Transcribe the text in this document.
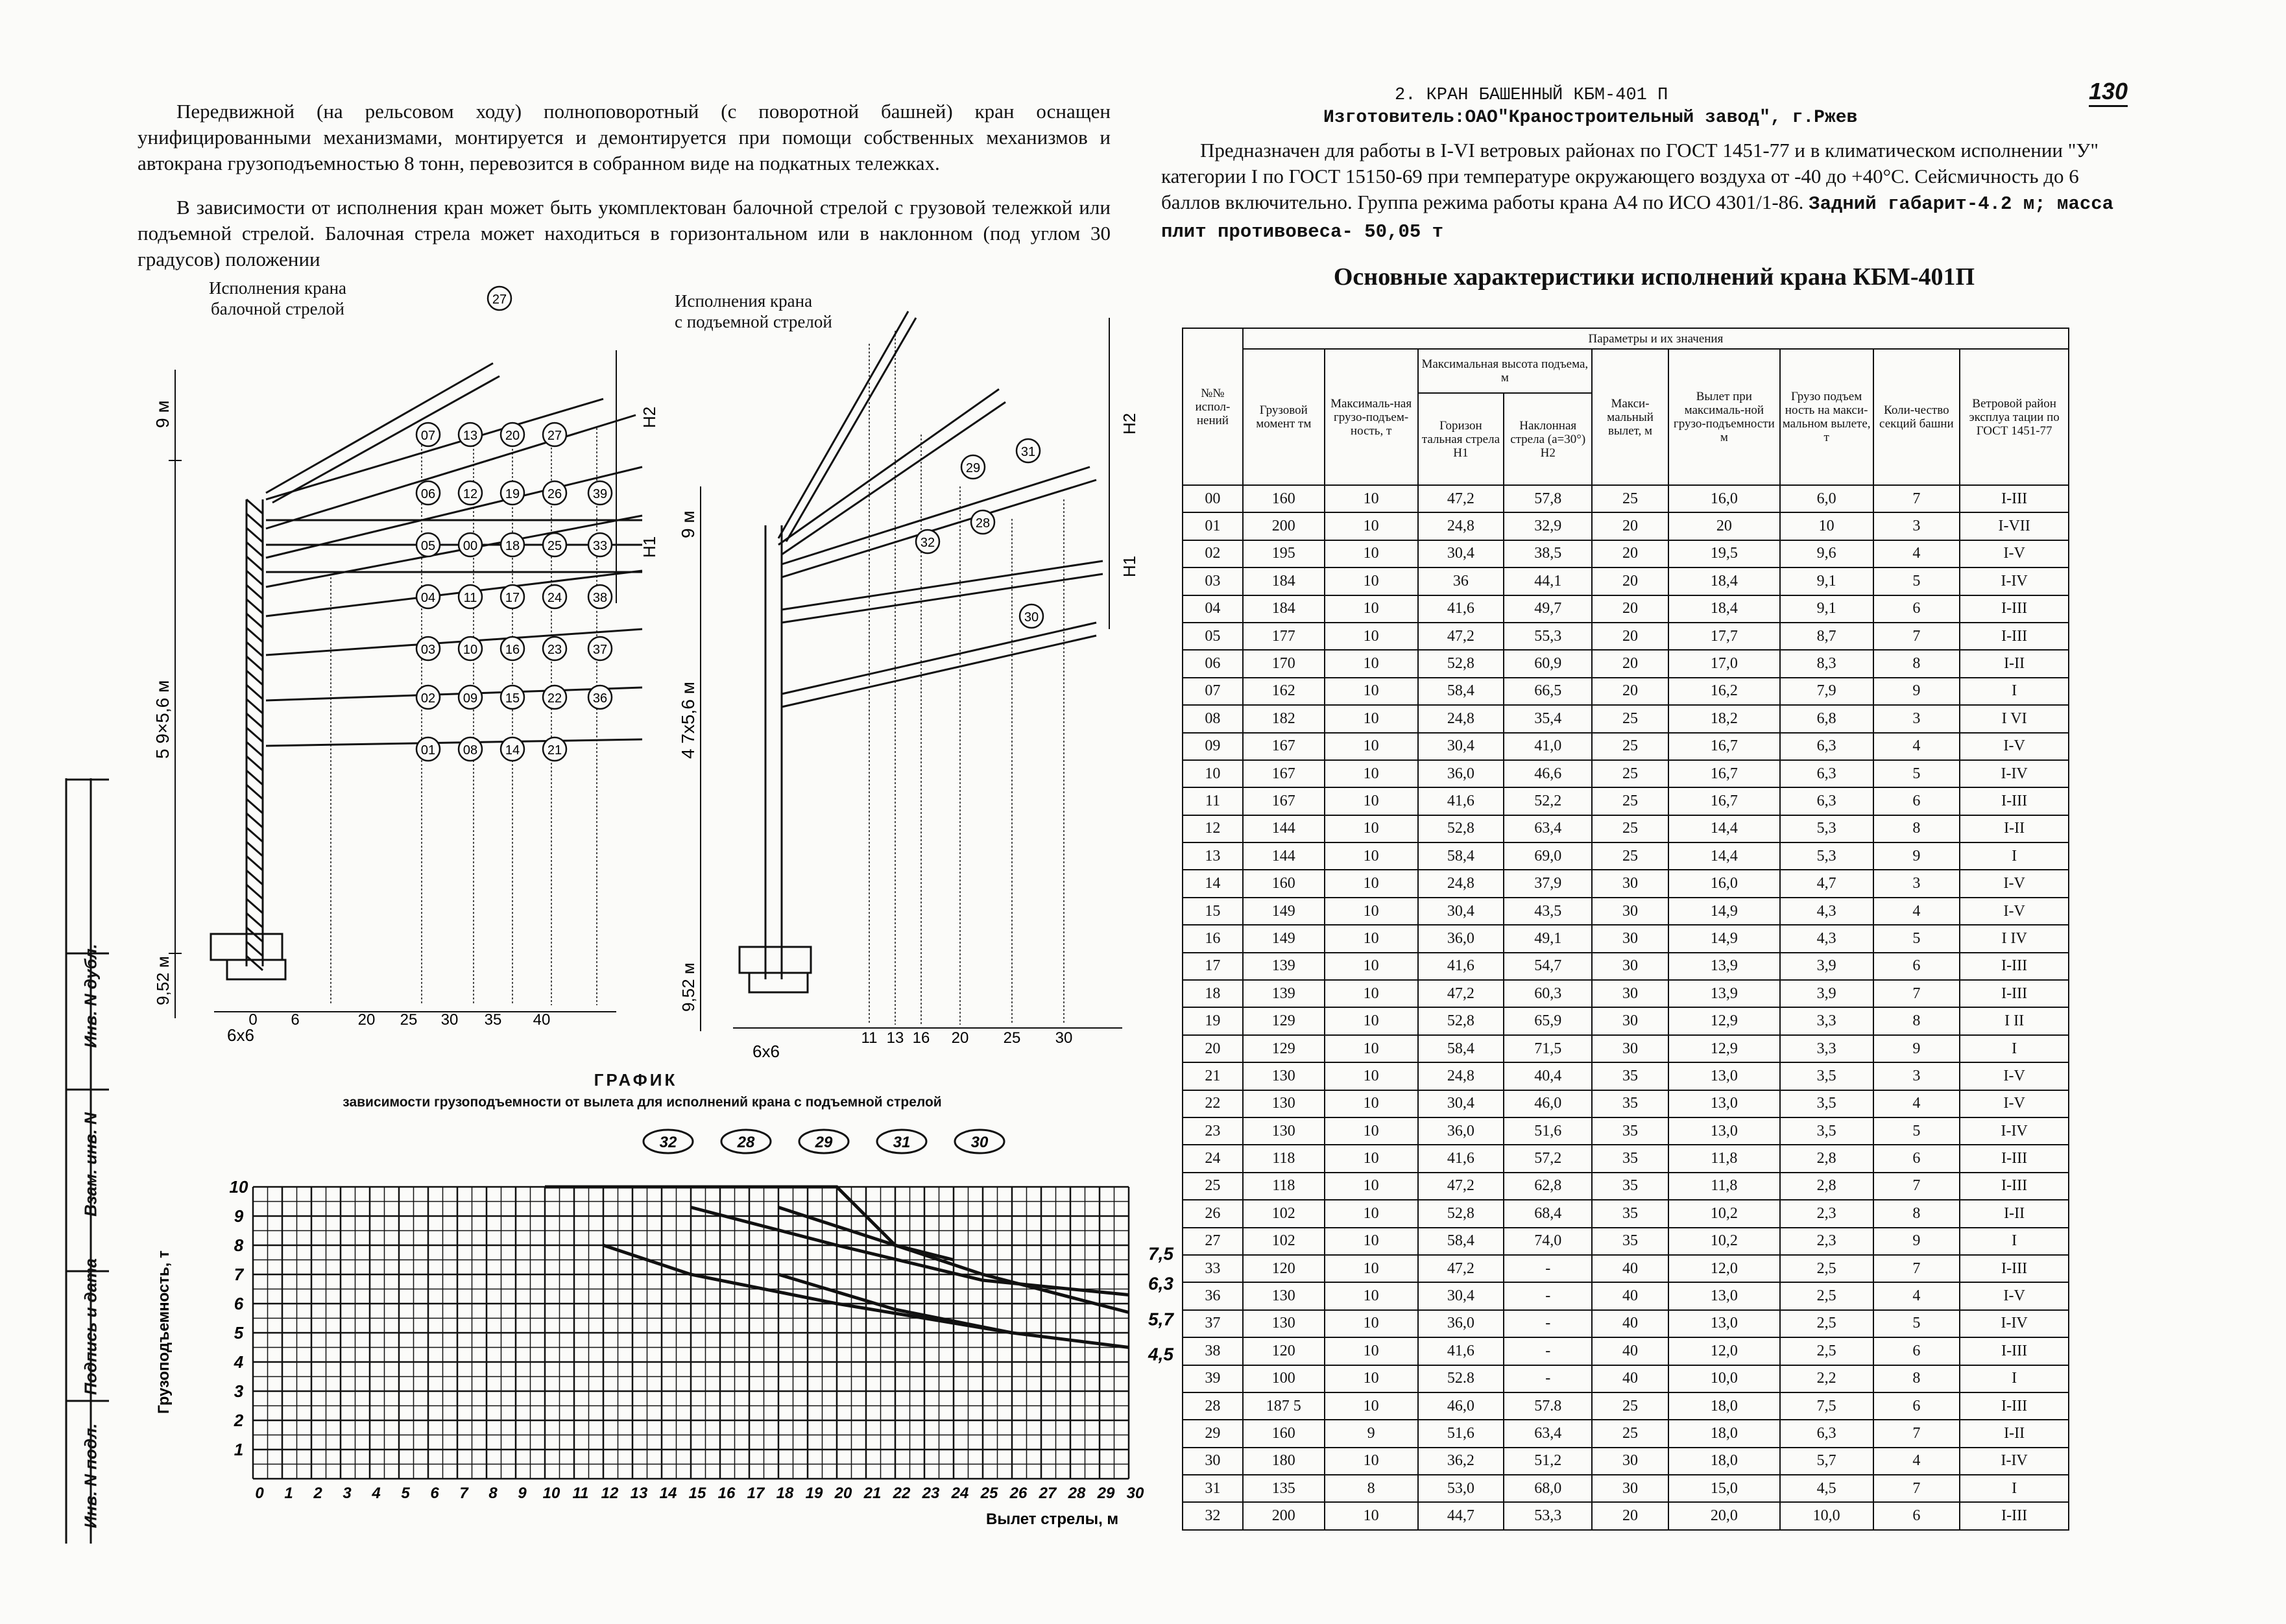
Инв. N дубл.
Взам. инв. N
Подпись и дата
Инв. N подл.
Передвижной (на рельсовом ходу) полноповоротный (с поворотной башней) кран оснащен унифицированными механизмами, монтируется и демонтируется при помощи собственных механизмов и автокрана грузоподъемностью 8 тонн, перевозится в собранном виде на подкатных тележках.
В зависимости от исполнения кран может быть укомплектован балочной стрелой с грузовой тележкой или подъемной стрелой. Балочная стрела может находиться в горизонтальном или в наклонном (под углом 30 градусов) положении
Исполнения крана
балочной стрелой
9 м
5 9×5,6 м
9,52 м
H2
H1
0 6	20 25 30 35 40
27
07 13 20 27
06 12 19 26 39
05 00 18 25 33
04 11 17 24 38
03 10 16 23 37
02 09 15 22 36
01 08 14 21
6x6
Исполнения крана
с подъемной стрелой
9 м
4 7x5,6 м
9,52 м
H2
H1
11 13 16 20 25 30
31
29
28
32
30
6x6
ГРАФИК
зависимости грузоподъемности от вылета для исполнений крана с подъемной стрелой
1
2
3
4
5
6
7
8
9
10
0 1 2 3 4 5 6 7 8 9 10 11 12 13 14 15 16 17 18 19 20 21 22 23 24 25 26 27 28 29 30
32	28	29	31	30
7,5
6,3
5,7
4,5
Грузоподъемность, т
Вылет стрелы, м
2. КРАН БАШЕННЫЙ КБМ-401 П
Изготовитель:ОАО"Краностроительный завод", г.Ржев
130
Предназначен для работы в I-VI ветровых районах по ГОСТ 1451-77 и в климатическом исполнении "У" категории I по ГОСТ 15150-69 при температуре окружающего воздуха от -40 до +40°С. Сейсмичность до 6 баллов включительно. Группа режима работы крана А4 по ИСО 4301/1-86. Задний габарит-4.2 м; масса плит противовеса- 50,05 т
Основные характеристики исполнений крана КБМ-401П
№№ испол-нений	Параметры и их значения								
	Грузовой момент тм	Максималь-ная грузо-подъем-ность, т	Максимальная высота подъема, м		Макси-мальный вылет, м	Вылет при максималь-ной грузо-подъемности м	Грузо подъем ность на макси-мальном вылете, т	Коли-чество секций башни	Ветровой район эксплуа тации по ГОСТ 1451-77
			Горизон тальная стрела H1	Наклонная стрела (а=30°) H2					
00	160	10	47,2	57,8	25	16,0	6,0	7	I-III
01	200	10	24,8	32,9	20	20	10	3	I-VII
02	195	10	30,4	38,5	20	19,5	9,6	4	I-V
03	184	10	36	44,1	20	18,4	9,1	5	I-IV
04	184	10	41,6	49,7	20	18,4	9,1	6	I-III
05	177	10	47,2	55,3	20	17,7	8,7	7	I-III
06	170	10	52,8	60,9	20	17,0	8,3	8	I-II
07	162	10	58,4	66,5	20	16,2	7,9	9	I
08	182	10	24,8	35,4	25	18,2	6,8	3	I VI
09	167	10	30,4	41,0	25	16,7	6,3	4	I-V
10	167	10	36,0	46,6	25	16,7	6,3	5	I-IV
11	167	10	41,6	52,2	25	16,7	6,3	6	I-III
12	144	10	52,8	63,4	25	14,4	5,3	8	I-II
13	144	10	58,4	69,0	25	14,4	5,3	9	I
14	160	10	24,8	37,9	30	16,0	4,7	3	I-V
15	149	10	30,4	43,5	30	14,9	4,3	4	I-V
16	149	10	36,0	49,1	30	14,9	4,3	5	I IV
17	139	10	41,6	54,7	30	13,9	3,9	6	I-III
18	139	10	47,2	60,3	30	13,9	3,9	7	I-III
19	129	10	52,8	65,9	30	12,9	3,3	8	I II
20	129	10	58,4	71,5	30	12,9	3,3	9	I
21	130	10	24,8	40,4	35	13,0	3,5	3	I-V
22	130	10	30,4	46,0	35	13,0	3,5	4	I-V
23	130	10	36,0	51,6	35	13,0	3,5	5	I-IV
24	118	10	41,6	57,2	35	11,8	2,8	6	I-III
25	118	10	47,2	62,8	35	11,8	2,8	7	I-III
26	102	10	52,8	68,4	35	10,2	2,3	8	I-II
27	102	10	58,4	74,0	35	10,2	2,3	9	I
33	120	10	47,2	-	40	12,0	2,5	7	I-III
36	130	10	30,4	-	40	13,0	2,5	4	I-V
37	130	10	36,0	-	40	13,0	2,5	5	I-IV
38	120	10	41,6	-	40	12,0	2,5	6	I-III
39	100	10	52.8	-	40	10,0	2,2	8	I
28	187 5	10	46,0	57.8	25	18,0	7,5	6	I-III
29	160	9	51,6	63,4	25	18,0	6,3	7	I-II
30	180	10	36,2	51,2	30	18,0	5,7	4	I-IV
31	135	8	53,0	68,0	30	15,0	4,5	7	I
32	200	10	44,7	53,3	20	20,0	10,0	6	I-III
